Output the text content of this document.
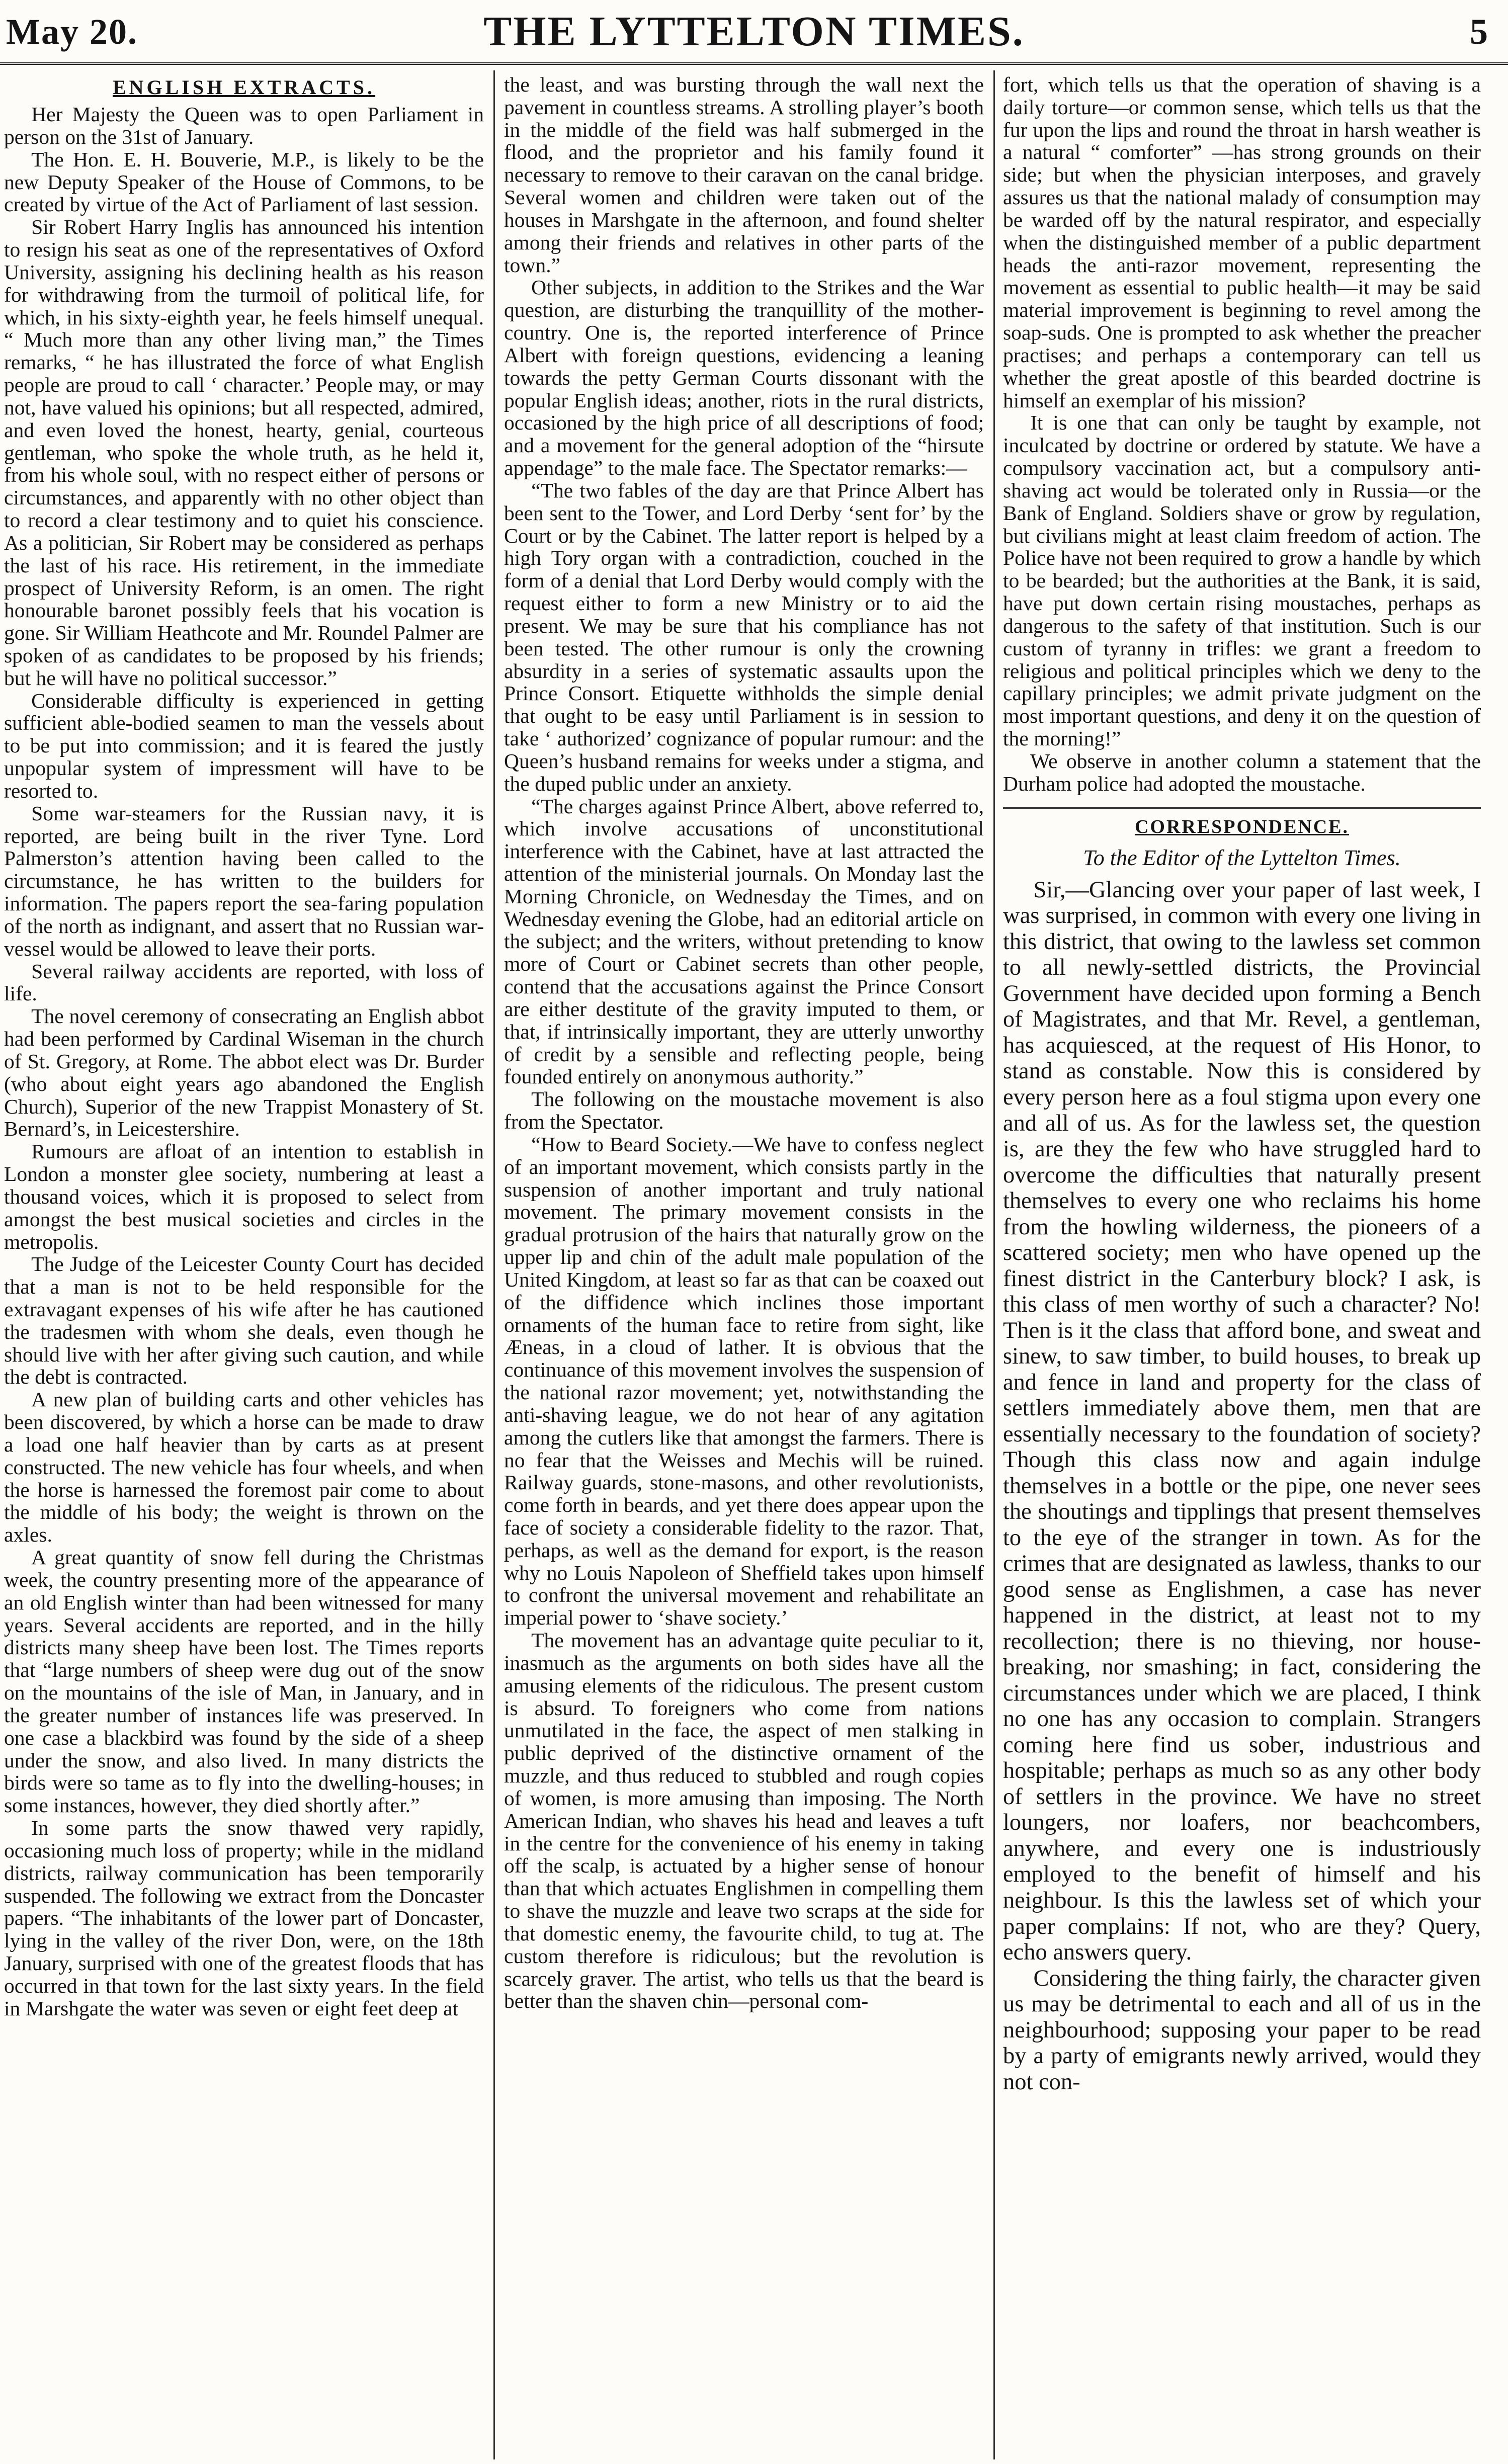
May 20.	THE LYTTELTON TIMES.	5
ENGLISH EXTRACTS.

Her Majesty the Queen was to open Parliament in person on the 31st of January.

The Hon. E. H. Bouverie, M.P., is likely to be the new Deputy Speaker of the House of Commons, to be created by virtue of the Act of Parliament of last session.

Sir Robert Harry Inglis has announced his intention to resign his seat as one of the representatives of Oxford University, assigning his declining health as his reason for withdrawing from the turmoil of political life, for which, in his sixty-eighth year, he feels himself unequal. “ Much more than any other living man,” the Times remarks, “ he has illustrated the force of what English people are proud to call ‘ character.’ People may, or may not, have valued his opinions; but all respected, admired, and even loved the honest, hearty, genial, courteous gentleman, who spoke the whole truth, as he held it, from his whole soul, with no respect either of persons or circumstances, and apparently with no other object than to record a clear testimony and to quiet his conscience. As a politician, Sir Robert may be considered as perhaps the last of his race. His retirement, in the immediate prospect of University Reform, is an omen. The right honourable baronet possibly feels that his vocation is gone. Sir William Heathcote and Mr. Roundel Palmer are spoken of as candidates to be proposed by his friends; but he will have no political successor.”

Considerable difficulty is experienced in getting sufficient able-bodied seamen to man the vessels about to be put into commission; and it is feared the justly unpopular system of impressment will have to be resorted to.

Some war-steamers for the Russian navy, it is reported, are being built in the river Tyne. Lord Palmerston’s attention having been called to the circumstance, he has written to the builders for information. The papers report the sea-faring population of the north as indignant, and assert that no Russian war-vessel would be allowed to leave their ports.

Several railway accidents are reported, with loss of life.

The novel ceremony of consecrating an English abbot had been performed by Cardinal Wiseman in the church of St. Gregory, at Rome. The abbot elect was Dr. Burder (who about eight years ago abandoned the English Church), Superior of the new Trappist Monastery of St. Bernard’s, in Leicestershire.

Rumours are afloat of an intention to establish in London a monster glee society, numbering at least a thousand voices, which it is proposed to select from amongst the best musical societies and circles in the metropolis.

The Judge of the Leicester County Court has decided that a man is not to be held responsible for the extravagant expenses of his wife after he has cautioned the tradesmen with whom she deals, even though he should live with her after giving such caution, and while the debt is contracted.

A new plan of building carts and other vehicles has been discovered, by which a horse can be made to draw a load one half heavier than by carts as at present constructed. The new vehicle has four wheels, and when the horse is harnessed the foremost pair come to about the middle of his body; the weight is thrown on the axles.

A great quantity of snow fell during the Christmas week, the country presenting more of the appearance of an old English winter than had been witnessed for many years. Several accidents are reported, and in the hilly districts many sheep have been lost. The Times reports that “large numbers of sheep were dug out of the snow on the mountains of the isle of Man, in January, and in the greater number of instances life was preserved. In one case a blackbird was found by the side of a sheep under the snow, and also lived. In many districts the birds were so tame as to fly into the dwelling-houses; in some instances, however, they died shortly after.”

In some parts the snow thawed very rapidly, occasioning much loss of property; while in the midland districts, railway communication has been temporarily suspended. The following we extract from the Doncaster papers. “The inhabitants of the lower part of Doncaster, lying in the valley of the river Don, were, on the 18th January, surprised with one of the greatest floods that has occurred in that town for the last sixty years. In the field in Marshgate the water was seven or eight feet deep at

the least, and was bursting through the wall next the pavement in countless streams. A strolling player’s booth in the middle of the field was half submerged in the flood, and the proprietor and his family found it necessary to remove to their caravan on the canal bridge. Several women and children were taken out of the houses in Marshgate in the afternoon, and found shelter among their friends and relatives in other parts of the town.”

Other subjects, in addition to the Strikes and the War question, are disturbing the tranquillity of the mother-country. One is, the reported interference of Prince Albert with foreign questions, evidencing a leaning towards the petty German Courts dissonant with the popular English ideas; another, riots in the rural districts, occasioned by the high price of all descriptions of food; and a movement for the general adoption of the “hirsute appendage” to the male face. The Spectator remarks:—

“The two fables of the day are that Prince Albert has been sent to the Tower, and Lord Derby ‘sent for’ by the Court or by the Cabinet. The latter report is helped by a high Tory organ with a contradiction, couched in the form of a denial that Lord Derby would comply with the request either to form a new Ministry or to aid the present. We may be sure that his compliance has not been tested. The other rumour is only the crowning absurdity in a series of systematic assaults upon the Prince Consort. Etiquette withholds the simple denial that ought to be easy until Parliament is in session to take ‘ authorized’ cognizance of popular rumour: and the Queen’s husband remains for weeks under a stigma, and the duped public under an anxiety.

“The charges against Prince Albert, above referred to, which involve accusations of unconstitutional interference with the Cabinet, have at last attracted the attention of the ministerial journals. On Monday last the Morning Chronicle, on Wednesday the Times, and on Wednesday evening the Globe, had an editorial article on the subject; and the writers, without pretending to know more of Court or Cabinet secrets than other people, contend that the accusations against the Prince Consort are either destitute of the gravity imputed to them, or that, if intrinsically important, they are utterly unworthy of credit by a sensible and reflecting people, being founded entirely on anonymous authority.”

The following on the moustache movement is also from the Spectator.

“How to Beard Society.—We have to confess neglect of an important movement, which consists partly in the suspension of another important and truly national movement. The primary movement consists in the gradual protrusion of the hairs that naturally grow on the upper lip and chin of the adult male population of the United Kingdom, at least so far as that can be coaxed out of the diffidence which inclines those important ornaments of the human face to retire from sight, like Æneas, in a cloud of lather. It is obvious that the continuance of this movement involves the suspension of the national razor movement; yet, notwithstanding the anti-shaving league, we do not hear of any agitation among the cutlers like that amongst the farmers. There is no fear that the Weisses and Mechis will be ruined. Railway guards, stone-masons, and other revolutionists, come forth in beards, and yet there does appear upon the face of society a considerable fidelity to the razor. That, perhaps, as well as the demand for export, is the reason why no Louis Napoleon of Sheffield takes upon himself to confront the universal movement and rehabilitate an imperial power to ‘shave society.’

The movement has an advantage quite peculiar to it, inasmuch as the arguments on both sides have all the amusing elements of the ridiculous. The present custom is absurd. To foreigners who come from nations unmutilated in the face, the aspect of men stalking in public deprived of the distinctive ornament of the muzzle, and thus reduced to stubbled and rough copies of women, is more amusing than imposing. The North American Indian, who shaves his head and leaves a tuft in the centre for the convenience of his enemy in taking off the scalp, is actuated by a higher sense of honour than that which actuates Englishmen in compelling them to shave the muzzle and leave two scraps at the side for that domestic enemy, the favourite child, to tug at. The custom therefore is ridiculous; but the revolution is scarcely graver. The artist, who tells us that the beard is better than the shaven chin—personal com-

fort, which tells us that the operation of shaving is a daily torture—or common sense, which tells us that the fur upon the lips and round the throat in harsh weather is a natural “ comforter” —has strong grounds on their side; but when the physician interposes, and gravely assures us that the national malady of consumption may be warded off by the natural respirator, and especially when the distinguished member of a public department heads the anti-razor movement, representing the movement as essential to public health—it may be said material improvement is beginning to revel among the soap-suds. One is prompted to ask whether the preacher practises; and perhaps a contemporary can tell us whether the great apostle of this bearded doctrine is himself an exemplar of his mission?

It is one that can only be taught by example, not inculcated by doctrine or ordered by statute. We have a compulsory vaccination act, but a compulsory anti-shaving act would be tolerated only in Russia—or the Bank of England. Soldiers shave or grow by regulation, but civilians might at least claim freedom of action. The Police have not been required to grow a handle by which to be bearded; but the authorities at the Bank, it is said, have put down certain rising moustaches, perhaps as dangerous to the safety of that institution. Such is our custom of tyranny in trifles: we grant a freedom to religious and political principles which we deny to the capillary principles; we admit private judgment on the most important questions, and deny it on the question of the morning!”

We observe in another column a statement that the Durham police had adopted the moustache.

CORRESPONDENCE.
To the Editor of the Lyttelton Times.

Sir,—Glancing over your paper of last week, I was surprised, in common with every one living in this district, that owing to the lawless set common to all newly-settled districts, the Provincial Government have decided upon forming a Bench of Magistrates, and that Mr. Revel, a gentleman, has acquiesced, at the request of His Honor, to stand as constable. Now this is considered by every person here as a foul stigma upon every one and all of us. As for the lawless set, the question is, are they the few who have struggled hard to overcome the difficulties that naturally present themselves to every one who reclaims his home from the howling wilderness, the pioneers of a scattered society; men who have opened up the finest district in the Canterbury block? I ask, is this class of men worthy of such a character? No! Then is it the class that afford bone, and sweat and sinew, to saw timber, to build houses, to break up and fence in land and property for the class of settlers immediately above them, men that are essentially necessary to the foundation of society? Though this class now and again indulge themselves in a bottle or the pipe, one never sees the shoutings and tipplings that present themselves to the eye of the stranger in town. As for the crimes that are designated as lawless, thanks to our good sense as Englishmen, a case has never happened in the district, at least not to my recollection; there is no thieving, nor house-breaking, nor smashing; in fact, considering the circumstances under which we are placed, I think no one has any occasion to complain. Strangers coming here find us sober, industrious and hospitable; perhaps as much so as any other body of settlers in the province. We have no street loungers, nor loafers, nor beachcombers, anywhere, and every one is industriously employed to the benefit of himself and his neighbour. Is this the lawless set of which your paper complains: If not, who are they? Query, echo answers query.

Considering the thing fairly, the character given us may be detrimental to each and all of us in the neighbourhood; supposing your paper to be read by a party of emigrants newly arrived, would they not con-
